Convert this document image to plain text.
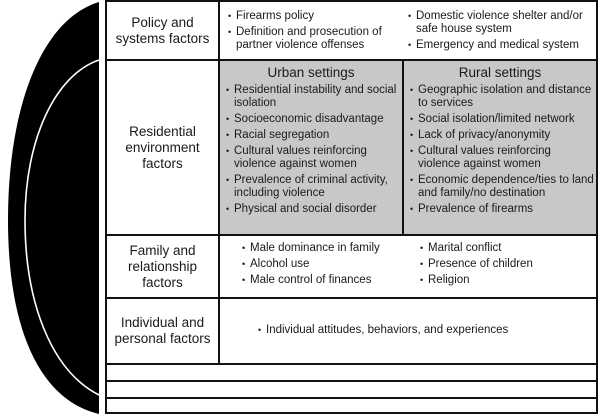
Policy and systems factors
• Firearms policy
• Definition and prosecution of partner violence offenses
• Domestic violence shelter and/or safe house system
• Emergency and medical system
Residential environment factors
Urban settings
• Residential instability and social isolation
• Socioeconomic disadvantage
• Racial segregation
• Cultural values reinforcing violence against women
• Prevalence of criminal activity, including violence
• Physical and social disorder
Rural settings
• Geographic isolation and distance to services
• Social isolation/limited network
• Lack of privacy/anonymity
• Cultural values reinforcing violence against women
• Economic dependence/ties to land and family/no destination
• Prevalence of firearms
Family and relationship factors
• Male dominance in family
• Alcohol use
• Male control of finances
• Marital conflict
• Presence of children
• Religion
Individual and personal factors
• Individual attitudes, behaviors, and experiences
